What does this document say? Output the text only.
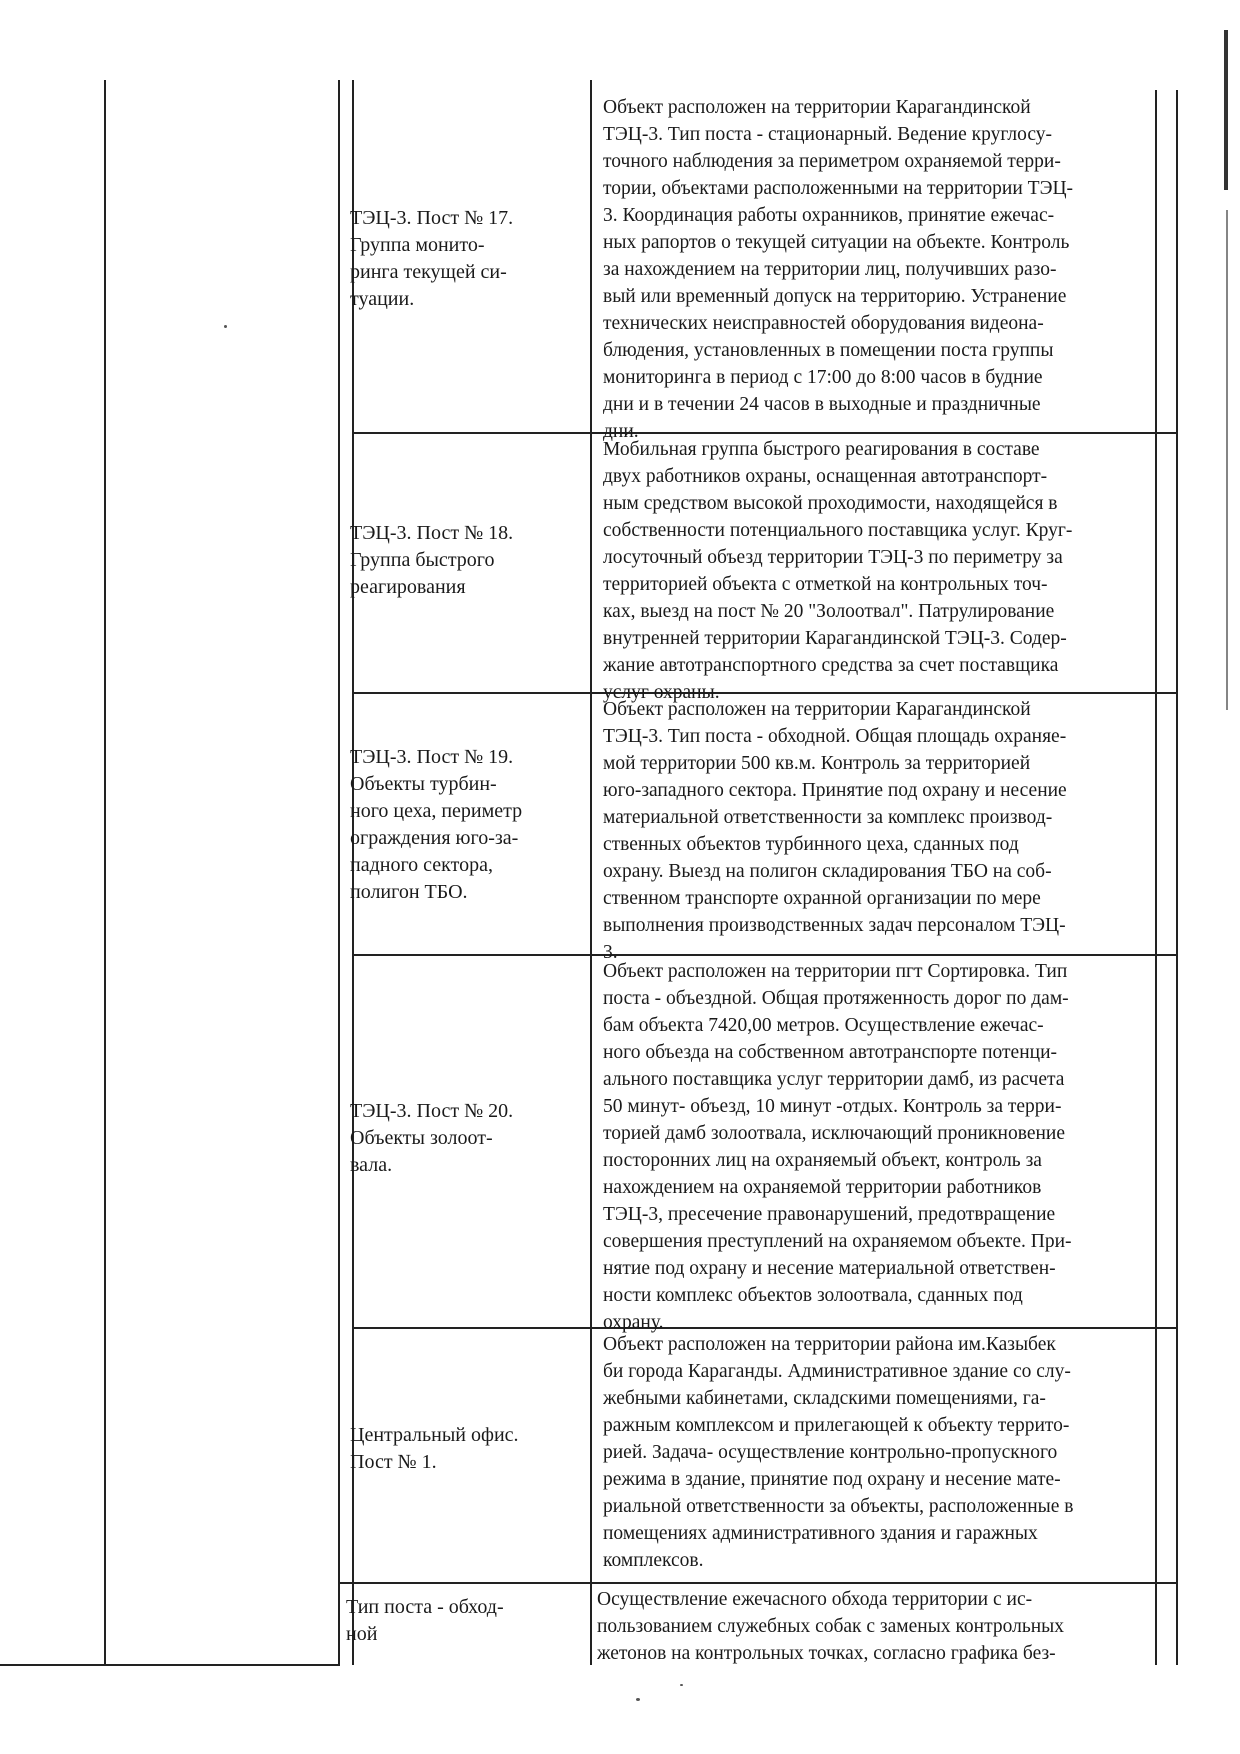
ТЭЦ-3. Пост № 17.
Группа монито-
ринга текущей си-
туации.
Объект расположен на территории Карагандинской
ТЭЦ-3. Тип поста - стационарный. Ведение круглосу-
точного наблюдения за периметром охраняемой терри-
тории, объектами расположенными на территории ТЭЦ-
3. Координация работы охранников, принятие ежечас-
ных рапортов о текущей ситуации на объекте. Контроль
за нахождением на территории лиц, получивших разо-
вый или временный допуск на территорию. Устранение
технических неисправностей оборудования видеона-
блюдения, установленных в помещении поста группы
мониторинга в период с 17:00 до 8:00 часов в будние
дни и в течении 24 часов в выходные и праздничные
дни.
ТЭЦ-3. Пост № 18.
Группа быстрого
реагирования
Мобильная группа быстрого реагирования в составе
двух работников охраны, оснащенная автотранспорт-
ным средством высокой проходимости, находящейся в
собственности потенциального поставщика услуг. Круг-
лосуточный объезд территории ТЭЦ-3 по периметру за
территорией объекта с отметкой на контрольных точ-
ках, выезд на пост № 20 "Золоотвал". Патрулирование
внутренней территории Карагандинской ТЭЦ-3. Содер-
жание автотранспортного средства за счет поставщика
услуг охраны.
ТЭЦ-3. Пост № 19.
Объекты турбин-
ного цеха, периметр
ограждения юго-за-
падного сектора,
полигон ТБО.
Объект расположен на территории Карагандинской
ТЭЦ-3. Тип поста - обходной. Общая площадь охраняе-
мой территории 500 кв.м. Контроль за территорией
юго-западного сектора. Принятие под охрану и несение
материальной ответственности за комплекс производ-
ственных объектов турбинного цеха, сданных под
охрану. Выезд на полигон складирования ТБО на соб-
ственном транспорте охранной организации по мере
выполнения производственных задач персоналом ТЭЦ-
3.
ТЭЦ-3. Пост № 20.
Объекты золоот-
вала.
Объект расположен на территории пгт Сортировка. Тип
поста - объездной. Общая протяженность дорог по дам-
бам объекта 7420,00 метров. Осуществление ежечас-
ного объезда на собственном автотранспорте потенци-
ального поставщика услуг территории дамб, из расчета
50 минут- объезд, 10 минут -отдых. Контроль за терри-
торией дамб золоотвала, исключающий проникновение
посторонних лиц на охраняемый объект, контроль за
нахождением на охраняемой территории работников
ТЭЦ-3, пресечение правонарушений, предотвращение
совершения преступлений на охраняемом объекте. При-
нятие под охрану и несение материальной ответствен-
ности комплекс объектов золоотвала, сданных под
охрану.
Центральный офис.
Пост № 1.
Объект расположен на территории района им.Казыбек
би города Караганды. Административное здание со слу-
жебными кабинетами, складскими помещениями, га-
ражным комплексом и прилегающей к объекту террито-
рией. Задача- осуществление контрольно-пропускного
режима в здание, принятие под охрану и несение мате-
риальной ответственности за объекты, расположенные в
помещениях административного здания и гаражных
комплексов.
Тип поста - обход-
ной
Осуществление ежечасного обхода территории с ис-
пользованием служебных собак с заменых контрольных
жетонов на контрольных точках, согласно графика без-
